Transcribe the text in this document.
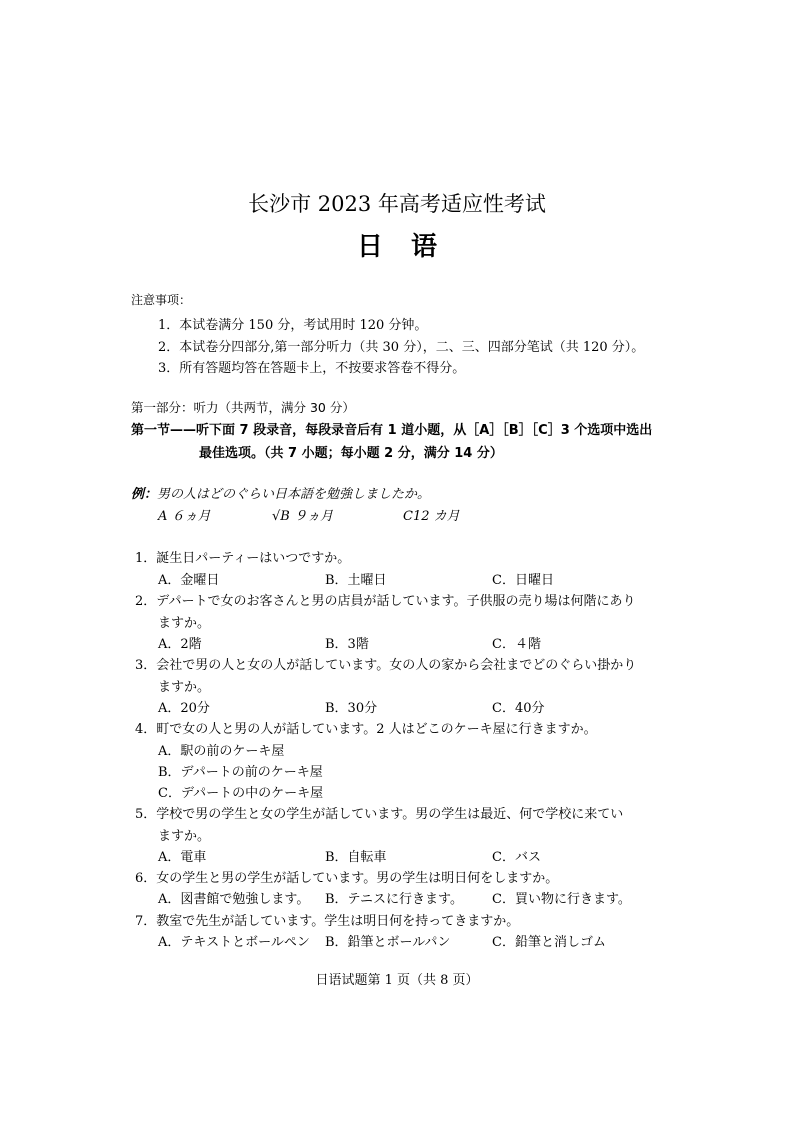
长沙市 2023 年高考适应性考试
日语
注意事项：
1．本试卷满分 150 分，考试用时 120 分钟。
2．本试卷分四部分,第一部分听力（共 30 分），二、三、四部分笔试（共 120 分）。
3．所有答题均答在答题卡上，不按要求答卷不得分。
第一部分：听力（共两节，满分 30 分）
第一节——听下面 7 段录音，每段录音后有 1 道小题，从［A］［B］［C］3 个选项中选出
最佳选项。（共 7 小题；每小题 2 分，满分 14 分）
例：男の人はどのぐらい日本語を勉強しましたか。
A ６ヵ月	√B ９ヵ月	C12 カ月
1．誕生日パーティーはいつですか。
A．金曜日	B．土曜日	C．日曜日
2．デパートで女のお客さんと男の店員が話しています。子供服の売り場は何階にあり
ますか。
A．2階	B．3階	C．４階
3．会社で男の人と女の人が話しています。女の人の家から会社までどのぐらい掛かり
ますか。
A．20分	B．30分	C．40分
4．町で女の人と男の人が話しています。2 人はどこのケーキ屋に行きますか。
A．駅の前のケーキ屋
B．デパートの前のケーキ屋
C．デパートの中のケーキ屋
5．学校で男の学生と女の学生が話しています。男の学生は最近、何で学校に来てい
ますか。
A．電車	B．自転車	C．バス
6．女の学生と男の学生が話しています。男の学生は明日何をしますか。
A．図書館で勉強します。 B．テニスに行きます。 C．買い物に行きます。
7．教室で先生が話しています。学生は明日何を持ってきますか。
A．テキストとボールペン B．鉛筆とボールパン	C．鉛筆と消しゴム
日语试题第 1 页（共 8 页）
